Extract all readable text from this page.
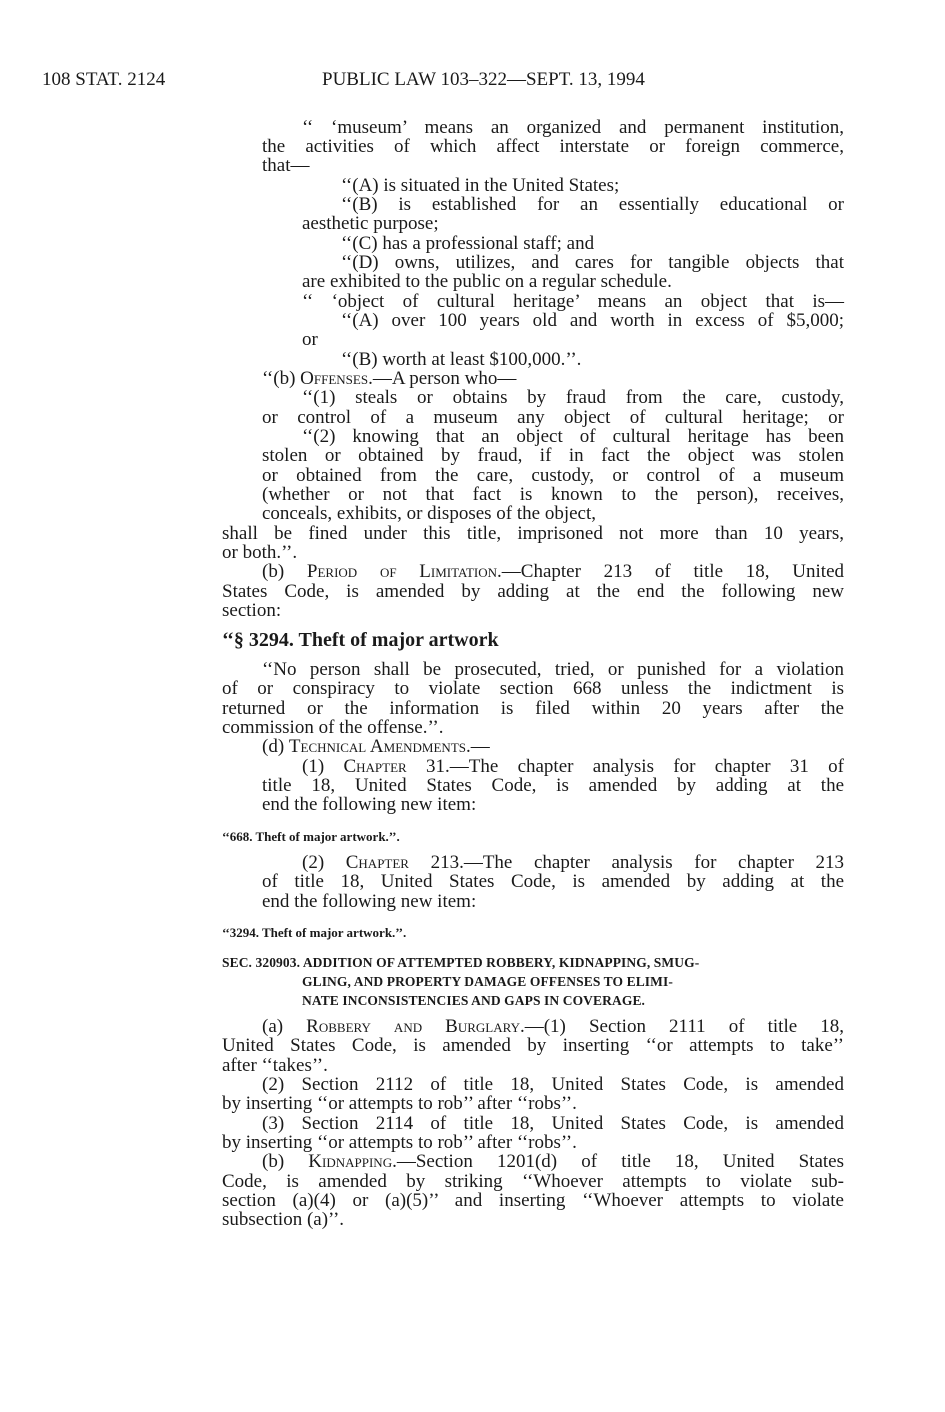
108 STAT. 2124	PUBLIC LAW 103–322—SEPT. 13, 1994
‘‘ ‘museum’ means an organized and permanent institution,
the activities of which affect interstate or foreign commerce,
that—
‘‘(A) is situated in the United States;
‘‘(B) is established for an essentially educational or
aesthetic purpose;
‘‘(C) has a professional staff; and
‘‘(D) owns, utilizes, and cares for tangible objects that
are exhibited to the public on a regular schedule.
‘‘ ‘object of cultural heritage’ means an object that is—
‘‘(A) over 100 years old and worth in excess of $5,000;
or
‘‘(B) worth at least $100,000.’’.
‘‘(b) Offenses.—A person who—
‘‘(1) steals or obtains by fraud from the care, custody,
or control of a museum any object of cultural heritage; or
‘‘(2) knowing that an object of cultural heritage has been
stolen or obtained by fraud, if in fact the object was stolen
or obtained from the care, custody, or control of a museum
(whether or not that fact is known to the person), receives,
conceals, exhibits, or disposes of the object,
shall be fined under this title, imprisoned not more than 10 years,
or both.’’.
(b) Period of Limitation.—Chapter 213 of title 18, United
States Code, is amended by adding at the end the following new
section:
‘‘§ 3294. Theft of major artwork
‘‘No person shall be prosecuted, tried, or punished for a violation
of or conspiracy to violate section 668 unless the indictment is
returned or the information is filed within 20 years after the
commission of the offense.’’.
(d) Technical Amendments.—
(1) Chapter 31.—The chapter analysis for chapter 31 of
title 18, United States Code, is amended by adding at the
end the following new item:
‘‘668. Theft of major artwork.’’.
(2) Chapter 213.—The chapter analysis for chapter 213
of title 18, United States Code, is amended by adding at the
end the following new item:
‘‘3294. Theft of major artwork.’’.
SEC. 320903. ADDITION OF ATTEMPTED ROBBERY, KIDNAPPING, SMUG-
GLING, AND PROPERTY DAMAGE OFFENSES TO ELIMI-
NATE INCONSISTENCIES AND GAPS IN COVERAGE.
(a) Robbery and Burglary.—(1) Section 2111 of title 18,
United States Code, is amended by inserting ‘‘or attempts to take’’
after ‘‘takes’’.
(2) Section 2112 of title 18, United States Code, is amended
by inserting ‘‘or attempts to rob’’ after ‘‘robs’’.
(3) Section 2114 of title 18, United States Code, is amended
by inserting ‘‘or attempts to rob’’ after ‘‘robs’’.
(b) Kidnapping.—Section 1201(d) of title 18, United States
Code, is amended by striking ‘‘Whoever attempts to violate sub-
section (a)(4) or (a)(5)’’ and inserting ‘‘Whoever attempts to violate
subsection (a)’’.
